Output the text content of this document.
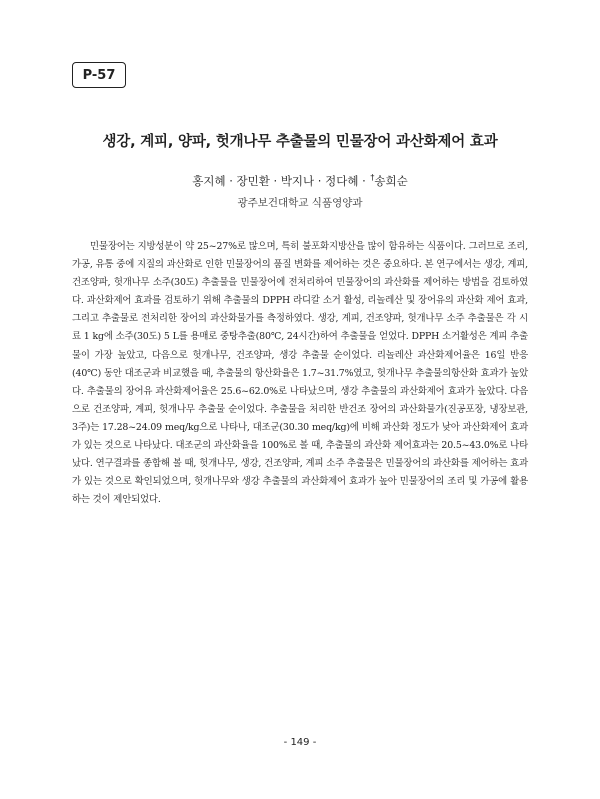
P-57
생강, 계피, 양파, 헛개나무 추출물의 민물장어 과산화제어 효과
홍지혜 · 장민환 · 박지나 · 정다혜 · †송희순
광주보건대학교 식품영양과

민물장어는 지방성분이 약 25~27%로 많으며, 특히 불포화지방산을 많이 함유하는 식품이다. 그러므로 조리, 가공, 유통 중에 지질의 과산화로 인한 민물장어의 품질 변화를 제어하는 것은 중요하다. 본 연구에서는 생강, 계피, 건조양파, 헛개나무 소주(30도) 추출물을 민물장어에 전처리하여 민물장어의 과산화를 제어하는 방법을 검토하였다. 과산화제어 효과를 검토하기 위해 추출물의 DPPH 라디칼 소거 활성, 리놀레산 및 장어유의 과산화 제어 효과, 그리고 추출물로 전처리한 장어의 과산화물가를 측정하였다. 생강, 계피, 건조양파, 헛개나무 소주 추출물은 각 시료 1 kg에 소주(30도) 5 L를 용매로 중탕추출(80℃, 24시간)하여 추출물을 얻었다. DPPH 소거활성은 계피 추출물이 가장 높았고, 다음으로 헛개나무, 건조양파, 생강 추출물 순이었다. 리놀레산 과산화제어율은 16일 반응(40℃) 동안 대조군과 비교했을 때, 추출물의 항산화율은 1.7~31.7%였고, 헛개나무 추출물의항산화 효과가 높았다. 추출물의 장어유 과산화제어율은 25.6~62.0%로 나타났으며, 생강 추출물의 과산화제어 효과가 높았다. 다음으로 건조양파, 계피, 헛개나무 추출물 순이었다. 추출물을 처리한 반건조 장어의 과산화물가(진공포장, 냉장보관, 3주)는 17.28~24.09 meq/kg으로 나타나, 대조군(30.30 meq/kg)에 비해 과산화 정도가 낮아 과산화제어 효과가 있는 것으로 나타났다. 대조군의 과산화율을 100%로 볼 때, 추출물의 과산화 제어효과는 20.5~43.0%로 나타났다. 연구결과를 종합해 볼 때, 헛개나무, 생강, 건조양파, 계피 소주 추출물은 민물장어의 과산화를 제어하는 효과가 있는 것으로 확인되었으며, 헛개나무와 생강 추출물의 과산화제어 효과가 높아 민물장어의 조리 및 가공에 활용하는 것이 제안되었다.

- 149 -
